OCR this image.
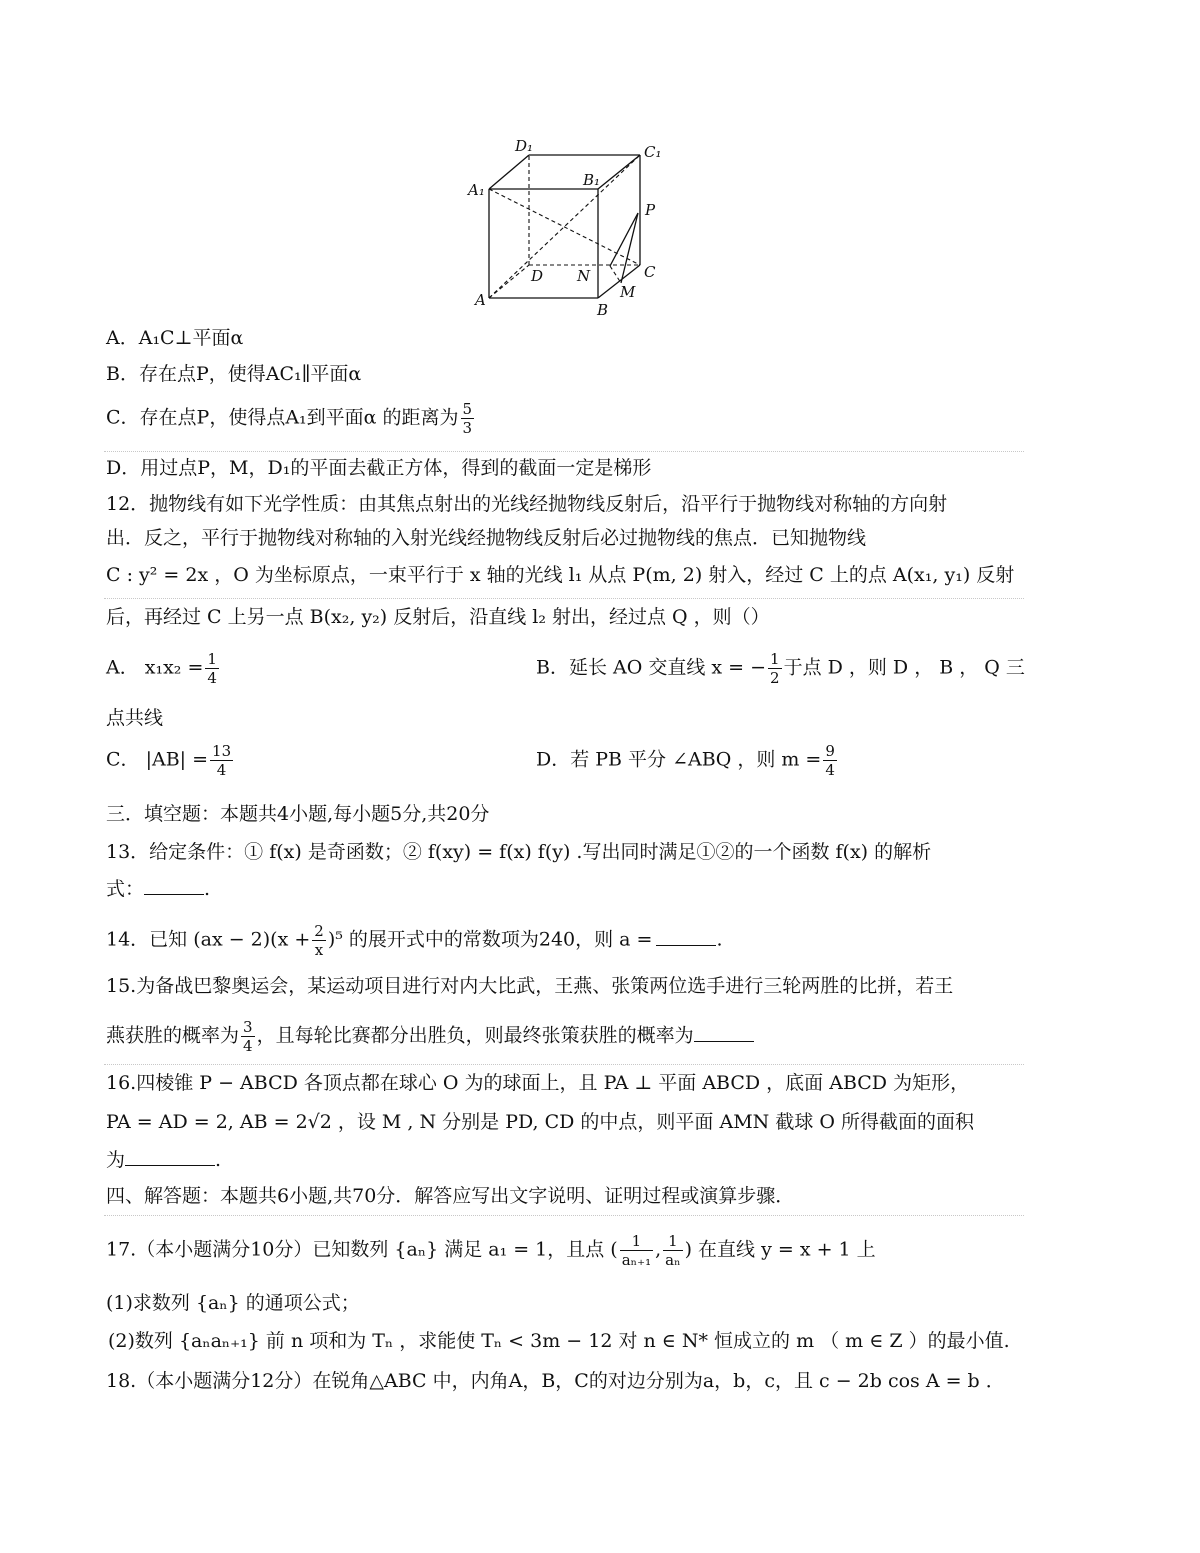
D₁	C₁
A₁
B₁
P
D N	C
A	M
B
A．A₁C⊥平面α
B．存在点P，使得AC₁∥平面α
C．存在点P，使得点A₁到平面α 的距离为 $\frac{5}{3}$
D．用过点P，M，D₁的平面去截正方体，得到的截面一定是梯形
12．抛物线有如下光学性质：由其焦点射出的光线经抛物线反射后，沿平行于抛物线对称轴的方向射
出．反之，平行于抛物线对称轴的入射光线经抛物线反射后必过抛物线的焦点．已知抛物线
C : y² = 2x ，O 为坐标原点，一束平行于 x 轴的光线 l₁ 从点 P(m, 2) 射入，经过 C 上的点 A(x₁, y₁) 反射
后，再经过 C 上另一点 B(x₂, y₂) 反射后，沿直线 l₂ 射出，经过点 Q ，则（）
A． $x_1x_2 = \frac{1}{4}$	B．延长 AO 交直线 x = − $\frac{1}{2}$ 于点 D ，则 D ， B ， Q 三
点共线
C． $|AB| = \frac{13}{4}$	D．若 PB 平分 ∠ABQ ，则 $m = \frac{9}{4}$
三．填空题：本题共4小题,每小题5分,共20分
13．给定条件：① f(x) 是奇函数；② f(xy) = f(x) f(y) .写出同时满足①②的一个函数 f(x) 的解析
式：	.
14．已知 $(ax - 2)(x + \frac{2}{x} )^5$ 的展开式中的常数项为240，则 a =	.
15.为备战巴黎奥运会，某运动项目进行对内大比武，王燕、张策两位选手进行三轮两胜的比拼，若王
燕获胜的概率为 $\frac{3}{4}$ ，且每轮比赛都分出胜负，则最终张策获胜的概率为
16.四棱锥 P − ABCD 各顶点都在球心 O 为的球面上，且 PA ⊥ 平面 ABCD ，底面 ABCD 为矩形，
PA = AD = 2, AB = 2√2 ，设 M , N 分别是 PD, CD 的中点，则平面 AMN 截球 O 所得截面的面积
为	.
四、解答题：本题共6小题,共70分．解答应写出文字说明、证明过程或演算步骤．
17.（本小题满分10分）已知数列 {aₙ} 满足 a₁ = 1，且点 ( $\frac{1}{\text{aₙ₊₁}}$ , $\frac{1}{\text{aₙ}}$ ) 在直线 y = x + 1 上
(1)求数列 {aₙ} 的通项公式；
(2)数列 {aₙaₙ₊₁} 前 n 项和为 Tₙ ，求能使 Tₙ < 3m − 12 对 n ∈ N* 恒成立的 m （ m ∈ Z ）的最小值.
18.（本小题满分12分）在锐角△ABC 中，内角A，B，C的对边分别为a，b，c，且 c − 2b cos A = b ．
